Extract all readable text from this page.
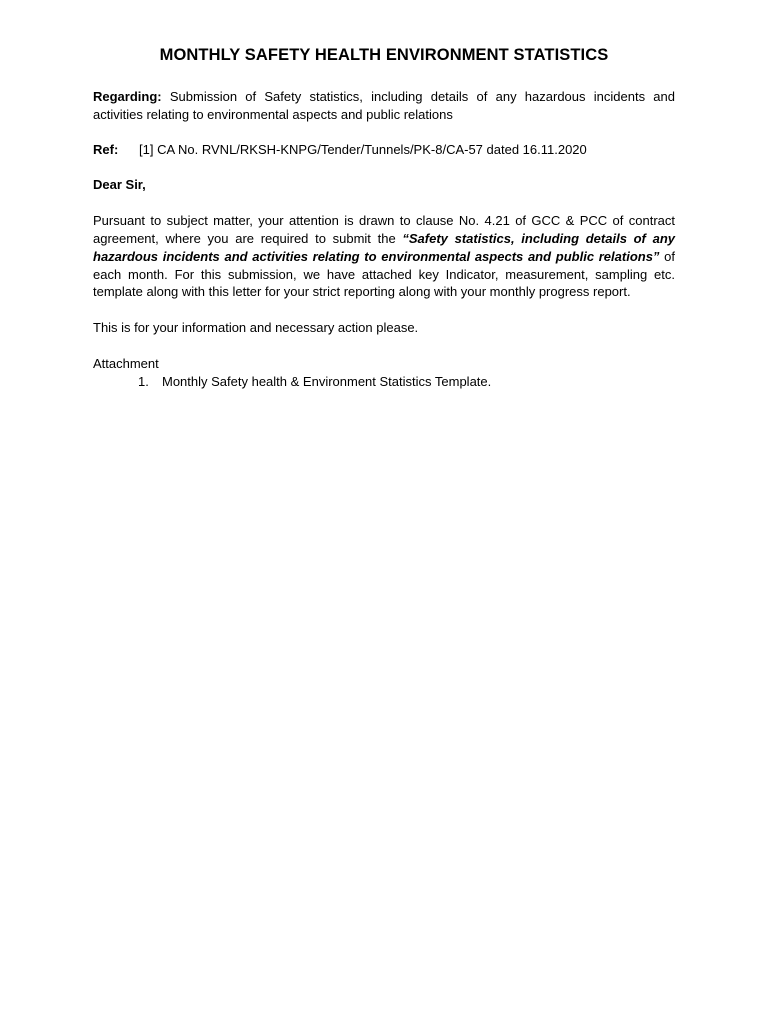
MONTHLY SAFETY HEALTH ENVIRONMENT STATISTICS

Regarding: Submission of Safety statistics, including details of any hazardous incidents and activities relating to environmental aspects and public relations

Ref:	[1] CA No. RVNL/RKSH-KNPG/Tender/Tunnels/PK-8/CA-57 dated 16.11.2020
Dear Sir,

Pursuant to subject matter, your attention is drawn to clause No. 4.21 of GCC & PCC of contract agreement, where you are required to submit the “Safety statistics, including details of any hazardous incidents and activities relating to environmental aspects and public relations” of each month. For this submission, we have attached key Indicator, measurement, sampling etc. template along with this letter for your strict reporting along with your monthly progress report.

This is for your information and necessary action please.

Attachment
1.	Monthly Safety health & Environment Statistics Template.
